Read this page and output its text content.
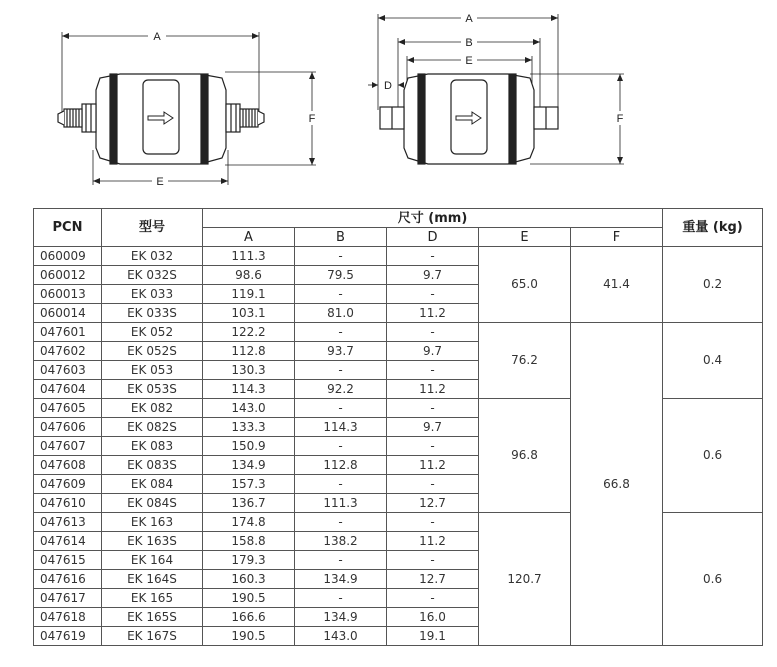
A
E
F
A
B
E
D
F
PCN	型号	尺寸 (mm)					重量 (kg)
		A	B	D	E	F	
060009	EK 032	111.3	-	-	65.0	41.4	0.2
060012	EK 032S	98.6	79.5	9.7			
060013	EK 033	119.1	-	-			
060014	EK 033S	103.1	81.0	11.2			
047601	EK 052	122.2	-	-	76.2	66.8	0.4
047602	EK 052S	112.8	93.7	9.7			
047603	EK 053	130.3	-	-			
047604	EK 053S	114.3	92.2	11.2			
047605	EK 082	143.0	-	-	96.8		0.6
047606	EK 082S	133.3	114.3	9.7			
047607	EK 083	150.9	-	-			
047608	EK 083S	134.9	112.8	11.2			
047609	EK 084	157.3	-	-			
047610	EK 084S	136.7	111.3	12.7			
047613	EK 163	174.8	-	-	120.7		0.6
047614	EK 163S	158.8	138.2	11.2			
047615	EK 164	179.3	-	-			
047616	EK 164S	160.3	134.9	12.7			
047617	EK 165	190.5	-	-			
047618	EK 165S	166.6	134.9	16.0			
047619	EK 167S	190.5	143.0	19.1			
